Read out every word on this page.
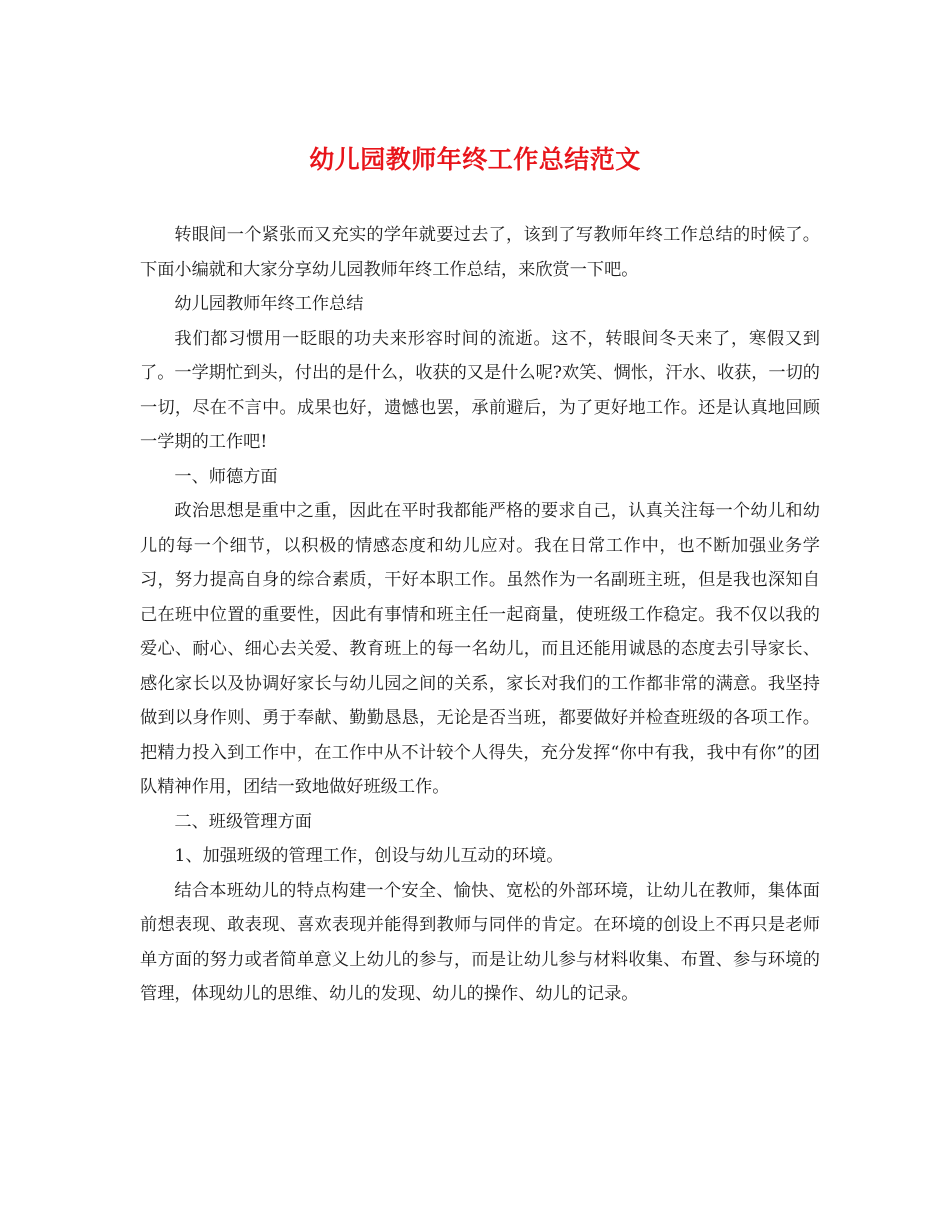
幼儿园教师年终工作总结范文

转眼间一个紧张而又充实的学年就要过去了，该到了写教师年终工作总结的时候了。下面小编就和大家分享幼儿园教师年终工作总结，来欣赏一下吧。

幼儿园教师年终工作总结

我们都习惯用一眨眼的功夫来形容时间的流逝。这不，转眼间冬天来了，寒假又到了。一学期忙到头，付出的是什么，收获的又是什么呢?欢笑、惆怅，汗水、收获，一切的一切，尽在不言中。成果也好，遗憾也罢，承前避后，为了更好地工作。还是认真地回顾一学期的工作吧!

一、师德方面

政治思想是重中之重，因此在平时我都能严格的要求自己，认真关注每一个幼儿和幼儿的每一个细节，以积极的情感态度和幼儿应对。我在日常工作中，也不断加强业务学习，努力提高自身的综合素质，干好本职工作。虽然作为一名副班主班，但是我也深知自己在班中位置的重要性，因此有事情和班主任一起商量，使班级工作稳定。我不仅以我的爱心、耐心、细心去关爱、教育班上的每一名幼儿，而且还能用诚恳的态度去引导家长、感化家长以及协调好家长与幼儿园之间的关系，家长对我们的工作都非常的满意。我坚持做到以身作则、勇于奉献、勤勤恳恳，无论是否当班，都要做好并检查班级的各项工作。把精力投入到工作中，在工作中从不计较个人得失，充分发挥“你中有我，我中有你”的团队精神作用，团结一致地做好班级工作。

二、班级管理方面

1、加强班级的管理工作，创设与幼儿互动的环境。

结合本班幼儿的特点构建一个安全、愉快、宽松的外部环境，让幼儿在教师，集体面前想表现、敢表现、喜欢表现并能得到教师与同伴的肯定。在环境的创设上不再只是老师单方面的努力或者简单意义上幼儿的参与，而是让幼儿参与材料收集、布置、参与环境的管理，体现幼儿的思维、幼儿的发现、幼儿的操作、幼儿的记录。
